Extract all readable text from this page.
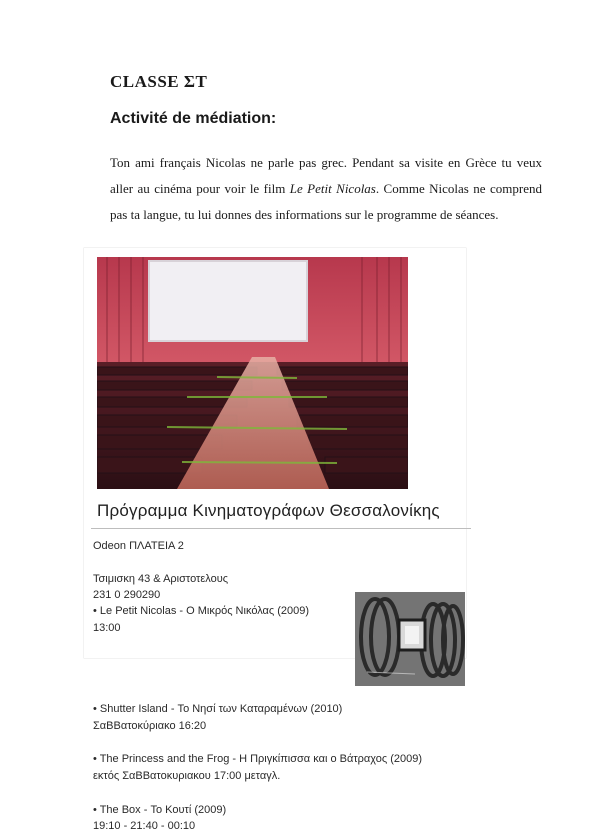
CLASSE ΣΤ
Activité de médiation:
Ton ami français Nicolas ne parle pas grec. Pendant sa visite en Grèce tu veux aller au cinéma pour voir le film Le Petit Nicolas. Comme Nicolas ne comprend pas ta langue, tu lui donnes des informations sur le programme de séances.
Πρόγραμμα Κινηματογράφων Θεσσαλονίκης
Odeon ΠΛΑΤΕΙΑ 2
Τσιμισκη 43 & Αριστοτελους
231 0 290290
• Le Petit Nicolas - Ο Μικρός Νικόλας (2009)
13:00
• Shutter Island - Το Νησί των Καταραμένων (2010)
ΣαΒΒατοκύριακο 16:20
• The Princess and the Frog - Η Πριγκίπισσα και ο Βάτραχος (2009)
εκτός ΣαΒΒατοκυριακου 17:00 μεταγλ.
• The Box - Το Κουτί (2009)
19:10 - 21:40 - 00:10
